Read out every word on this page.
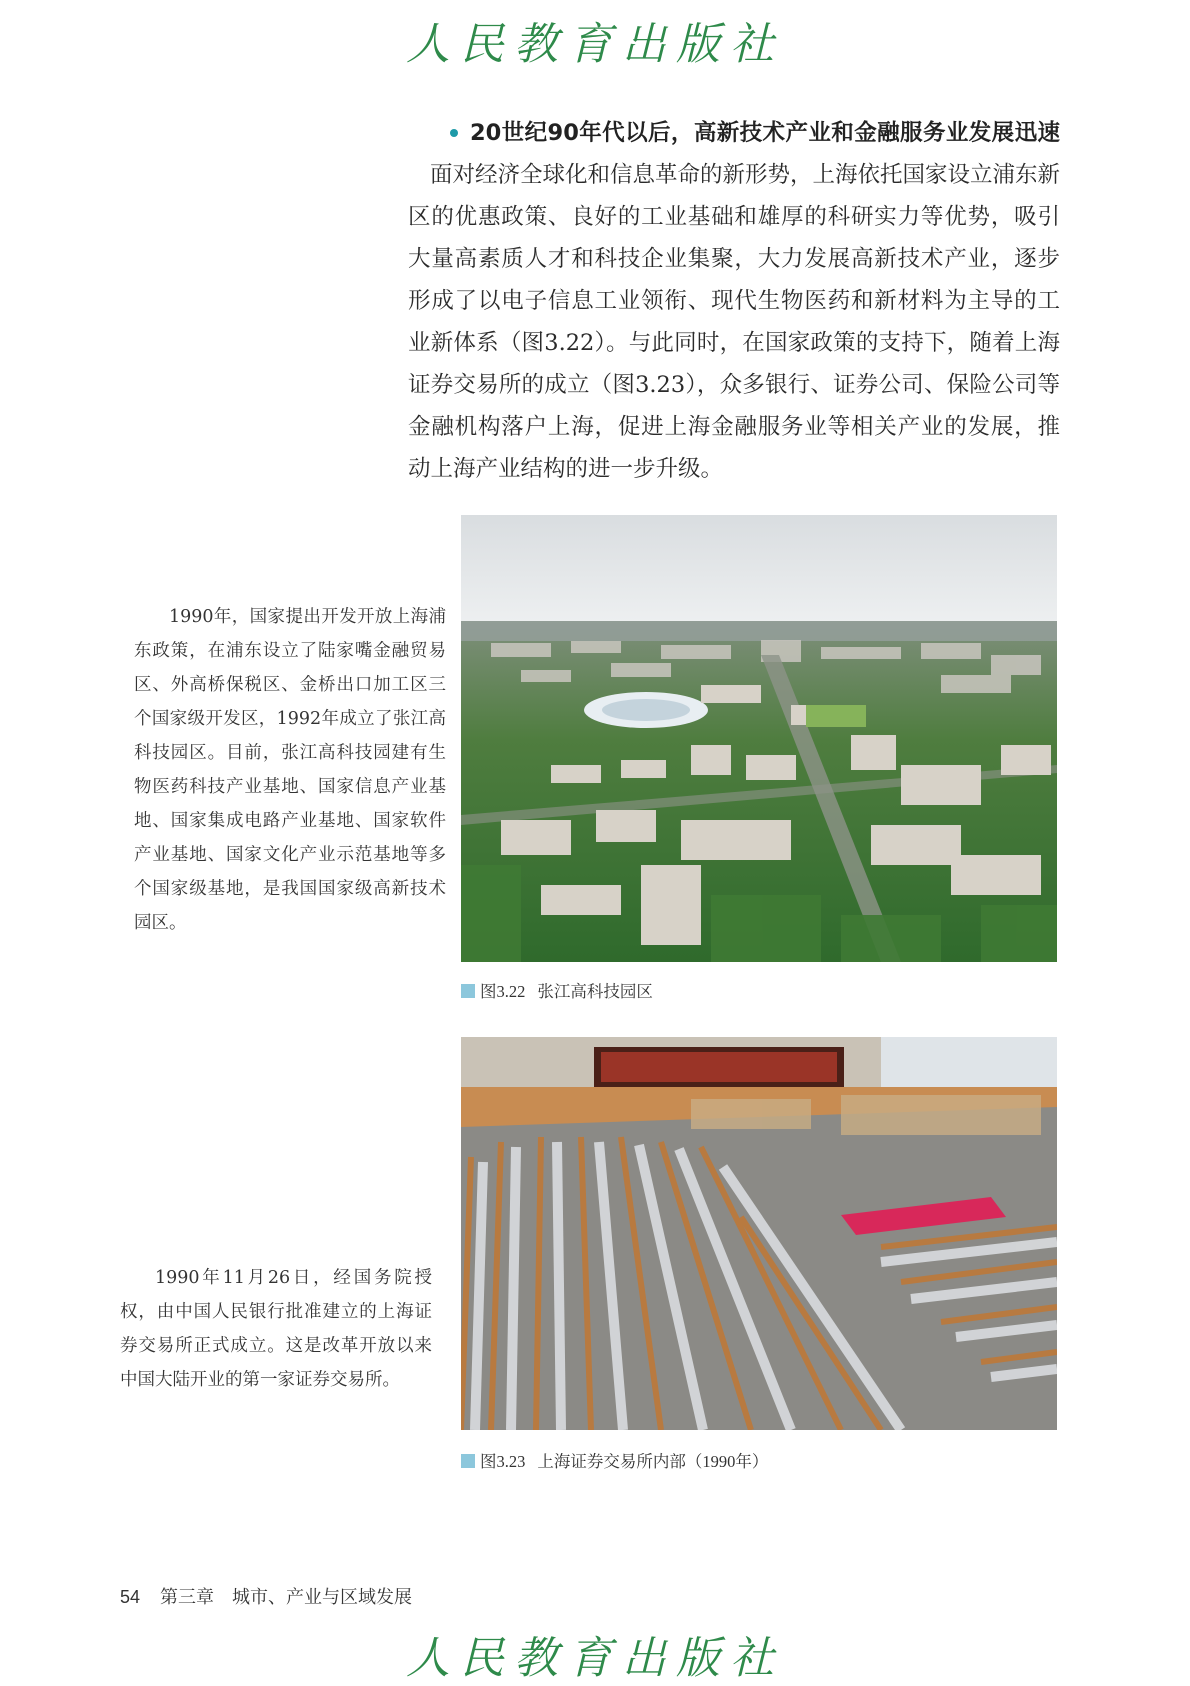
人民教育出版社

20世纪90年代以后，高新技术产业和金融服务业发展迅速面对经济全球化和信息革命的新形势，上海依托国家设立浦东新区的优惠政策、良好的工业基础和雄厚的科研实力等优势，吸引大量高素质人才和科技企业集聚，大力发展高新技术产业，逐步形成了以电子信息工业领衔、现代生物医药和新材料为主导的工业新体系（图3.22）。与此同时，在国家政策的支持下，随着上海证券交易所的成立（图3.23），众多银行、证券公司、保险公司等金融机构落户上海，促进上海金融服务业等相关产业的发展，推动上海产业结构的进一步升级。

1990年，国家提出开发开放上海浦东政策，在浦东设立了陆家嘴金融贸易区、外高桥保税区、金桥出口加工区三个国家级开发区，1992年成立了张江高科技园区。目前，张江高科技园建有生物医药科技产业基地、国家信息产业基地、国家集成电路产业基地、国家软件产业基地、国家文化产业示范基地等多个国家级基地，是我国国家级高新技术园区。

图3.22 张江高科技园区

1990年11月26日，经国务院授权，由中国人民银行批准建立的上海证券交易所正式成立。这是改革开放以来中国大陆开业的第一家证券交易所。

图3.23 上海证券交易所内部（1990年）
54 第三章　城市、产业与区域发展
人民教育出版社
